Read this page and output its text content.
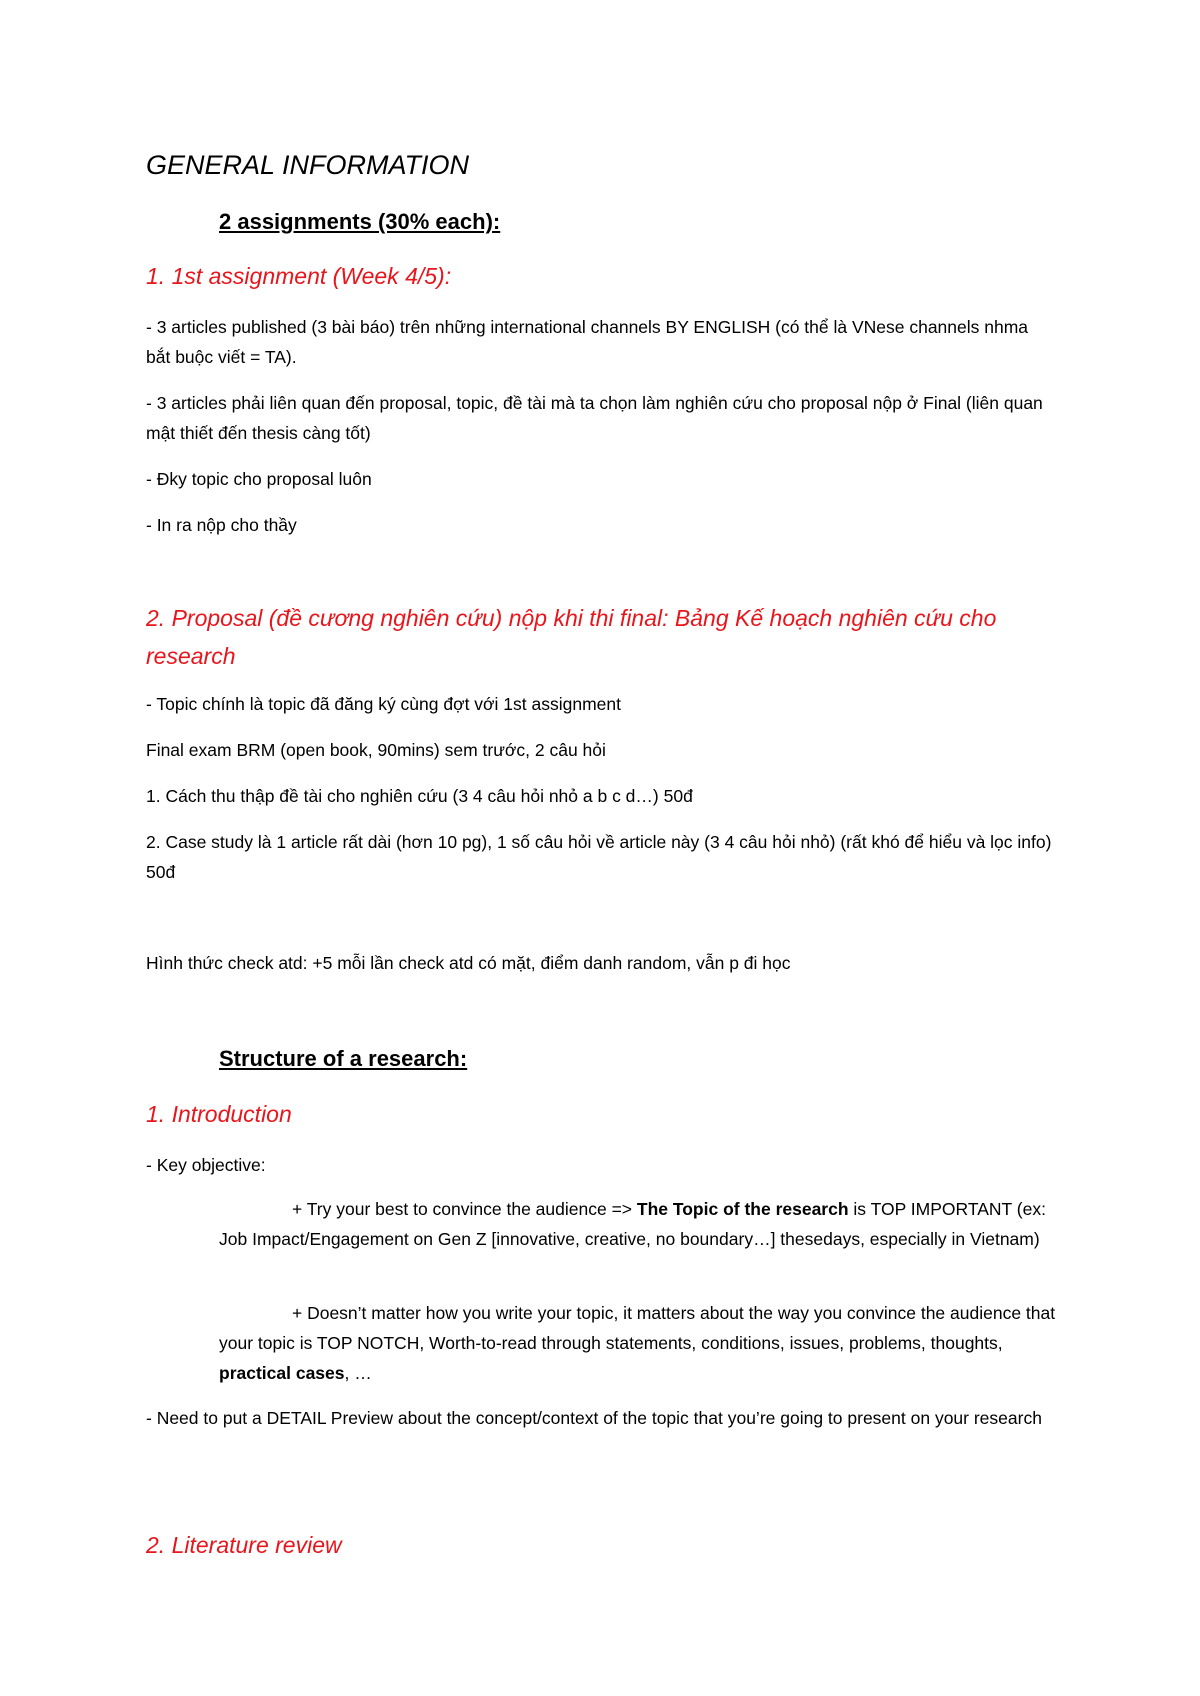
GENERAL INFORMATION

2 assignments (30% each):

1. 1st assignment (Week 4/5):

- 3 articles published (3 bài báo) trên những international channels BY ENGLISH (có thể là VNese channels nhma bắt buộc viết = TA).

- 3 articles phải liên quan đến proposal, topic, đề tài mà ta chọn làm nghiên cứu cho proposal nộp ở Final (liên quan mật thiết đến thesis càng tốt)

- Đky topic cho proposal luôn

- In ra nộp cho thầy

2. Proposal (đề cương nghiên cứu) nộp khi thi final: Bảng Kế hoạch nghiên cứu cho research

- Topic chính là topic đã đăng ký cùng đợt với 1st assignment

Final exam BRM (open book, 90mins) sem trước, 2 câu hỏi

1. Cách thu thập đề tài cho nghiên cứu (3 4 câu hỏi nhỏ a b c d…) 50đ

2. Case study là 1 article rất dài (hơn 10 pg), 1 số câu hỏi về article này (3 4 câu hỏi nhỏ) (rất khó để hiểu và lọc info) 50đ

Hình thức check atd: +5 mỗi lần check atd có mặt, điểm danh random, vẫn p đi học

Structure of a research:

1. Introduction

- Key objective:

+ Try your best to convince the audience => The Topic of the research is TOP IMPORTANT (ex: Job Impact/Engagement on Gen Z [innovative, creative, no boundary…] thesedays, especially in Vietnam)

+ Doesn’t matter how you write your topic, it matters about the way you convince the audience that your topic is TOP NOTCH, Worth-to-read through statements, conditions, issues, problems, thoughts, practical cases, …

- Need to put a DETAIL Preview about the concept/context of the topic that you’re going to present on your research

2. Literature review
